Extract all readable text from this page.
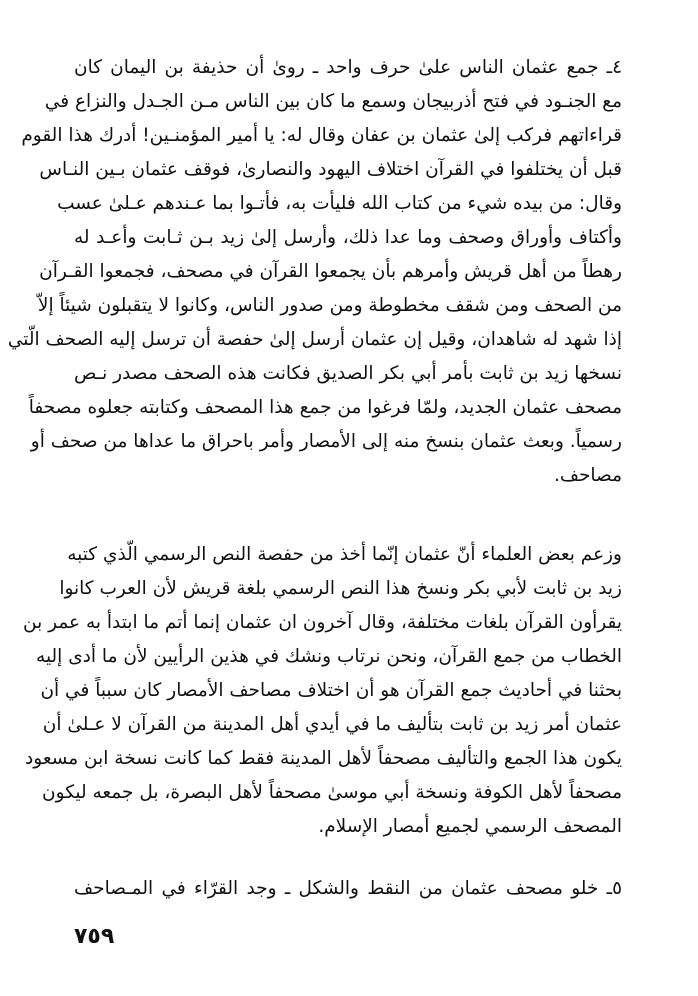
٤ـ جمع عثمان الناس علىٰ حرف واحد ـ روىٰ أن حذيفة بن اليمان كان
مع الجنـود في فتح أذربيجان وسمع ما كان بين الناس مـن الجـدل والنزاع في
قراءاتهم فركب إلىٰ عثمان بن عفان وقال له: يا أمير المؤمنـين! أدرك هذا القوم
قبل أن يختلفوا في القرآن اختلاف اليهود والنصارىٰ، فوقف عثمان بـين النـاس
وقال: من بيده شيء من كتاب الله فليأت به، فأتـوا بما عـندهم عـلىٰ عسب
وأكتاف وأوراق وصحف وما عدا ذلك، وأرسل إلىٰ زيد بـن ثـابت وأعـد له
رهطاً من أهل قريش وأمرهم بأن يجمعوا القرآن في مصحف، فجمعوا القـرآن
من الصحف ومن شقف مخطوطة ومن صدور الناس، وكانوا لا يتقبلون شيئاً إلاّ
إذا شهد له شاهدان، وقيل إن عثمان أرسل إلىٰ حفصة أن ترسل إليه الصحف الّتي
نسخها زيد بن ثابت بأمر أبي بكر الصديق فكانت هذه الصحف مصدر نـص
مصحف عثمان الجديد، ولمّا فرغوا من جمع هذا المصحف وكتابته جعلوه مصحفاً
رسمياً. وبعث عثمان بنسخ منه إلى الأمصار وأمر باحراق ما عداها من صحف أو
مصاحف.
وزعم بعض العلماء أنّ عثمان إنّما أخذ من حفصة النص الرسمي الّذي كتبه
زيد بن ثابت لأبي بكر ونسخ هذا النص الرسمي بلغة قريش لأن العرب كانوا
يقرأون القرآن بلغات مختلفة، وقال آخرون ان عثمان إنما أتم ما ابتدأ به عمر بن
الخطاب من جمع القرآن، ونحن نرتاب ونشك في هذين الرأيين لأن ما أدى إليه
بحثنا في أحاديث جمع القرآن هو أن اختلاف مصاحف الأمصار كان سبباً في أن
عثمان أمر زيد بن ثابت بتأليف ما في أيدي أهل المدينة من القرآن لا عـلىٰ أن
يكون هذا الجمع والتأليف مصحفاً لأهل المدينة فقط كما كانت نسخة ابن مسعود
مصحفاً لأهل الكوفة ونسخة أبي موسىٰ مصحفاً لأهل البصرة، بل جمعه ليكون
المصحف الرسمي لجميع أمصار الإسلام.
٥ـ خلو مصحف عثمان من النقط والشكل ـ وجد القرّاء في المـصاحف
٧٥٩
